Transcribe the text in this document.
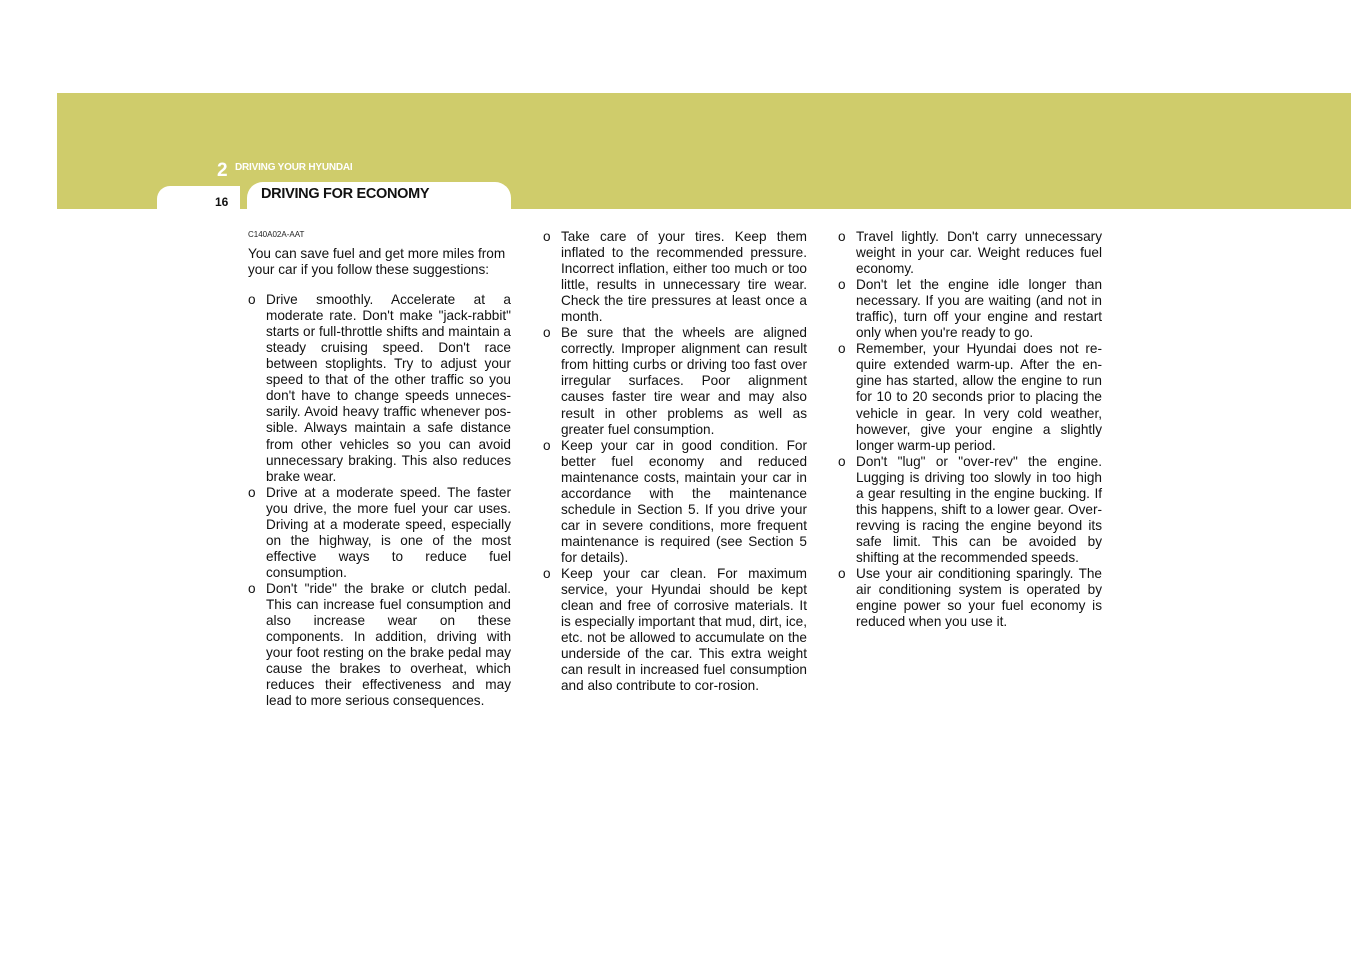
2 DRIVING YOUR HYUNDAI
16 DRIVING FOR ECONOMY
C140A02A-AAT

You can save fuel and get more miles from your car if you follow these suggestions:

o Drive smoothly. Accelerate at a moderate rate. Don't make "jack-rabbit" starts or full-throttle shifts and maintain a steady cruising speed. Don't race between stoplights. Try to adjust your speed to that of the other traffic so you don't have to change speeds unneces-sarily. Avoid heavy traffic whenever pos-sible. Always maintain a safe distance from other vehicles so you can avoid unnecessary braking. This also reduces brake wear.
o Drive at a moderate speed. The faster you drive, the more fuel your car uses. Driving at a moderate speed, especially on the highway, is one of the most effective ways to reduce fuel consumption.
o Don't "ride" the brake or clutch pedal. This can increase fuel consumption and also increase wear on these components. In addition, driving with your foot resting on the brake pedal may cause the brakes to overheat, which reduces their effectiveness and may lead to more serious consequences.
o Take care of your tires. Keep them inflated to the recommended pressure. Incorrect inflation, either too much or too little, results in unnecessary tire wear. Check the tire pressures at least once a month.
o Be sure that the wheels are aligned correctly. Improper alignment can result from hitting curbs or driving too fast over irregular surfaces. Poor alignment causes faster tire wear and may also result in other problems as well as greater fuel consumption.
o Keep your car in good condition. For better fuel economy and reduced maintenance costs, maintain your car in accordance with the maintenance schedule in Section 5. If you drive your car in severe conditions, more frequent maintenance is required (see Section 5 for details).
o Keep your car clean. For maximum service, your Hyundai should be kept clean and free of corrosive materials. It is especially important that mud, dirt, ice, etc. not be allowed to accumulate on the underside of the car. This extra weight can result in increased fuel consumption and also contribute to cor-rosion.
o Travel lightly. Don't carry unnecessary weight in your car. Weight reduces fuel economy.
o Don't let the engine idle longer than necessary. If you are waiting (and not in traffic), turn off your engine and restart only when you're ready to go.
o Remember, your Hyundai does not re-quire extended warm-up. After the en-gine has started, allow the engine to run for 10 to 20 seconds prior to placing the vehicle in gear. In very cold weather, however, give your engine a slightly longer warm-up period.
o Don't "lug" or "over-rev" the engine. Lugging is driving too slowly in too high a gear resulting in the engine bucking. If this happens, shift to a lower gear. Over-revving is racing the engine beyond its safe limit. This can be avoided by shifting at the recommended speeds.
o Use your air conditioning sparingly. The air conditioning system is operated by engine power so your fuel economy is reduced when you use it.
